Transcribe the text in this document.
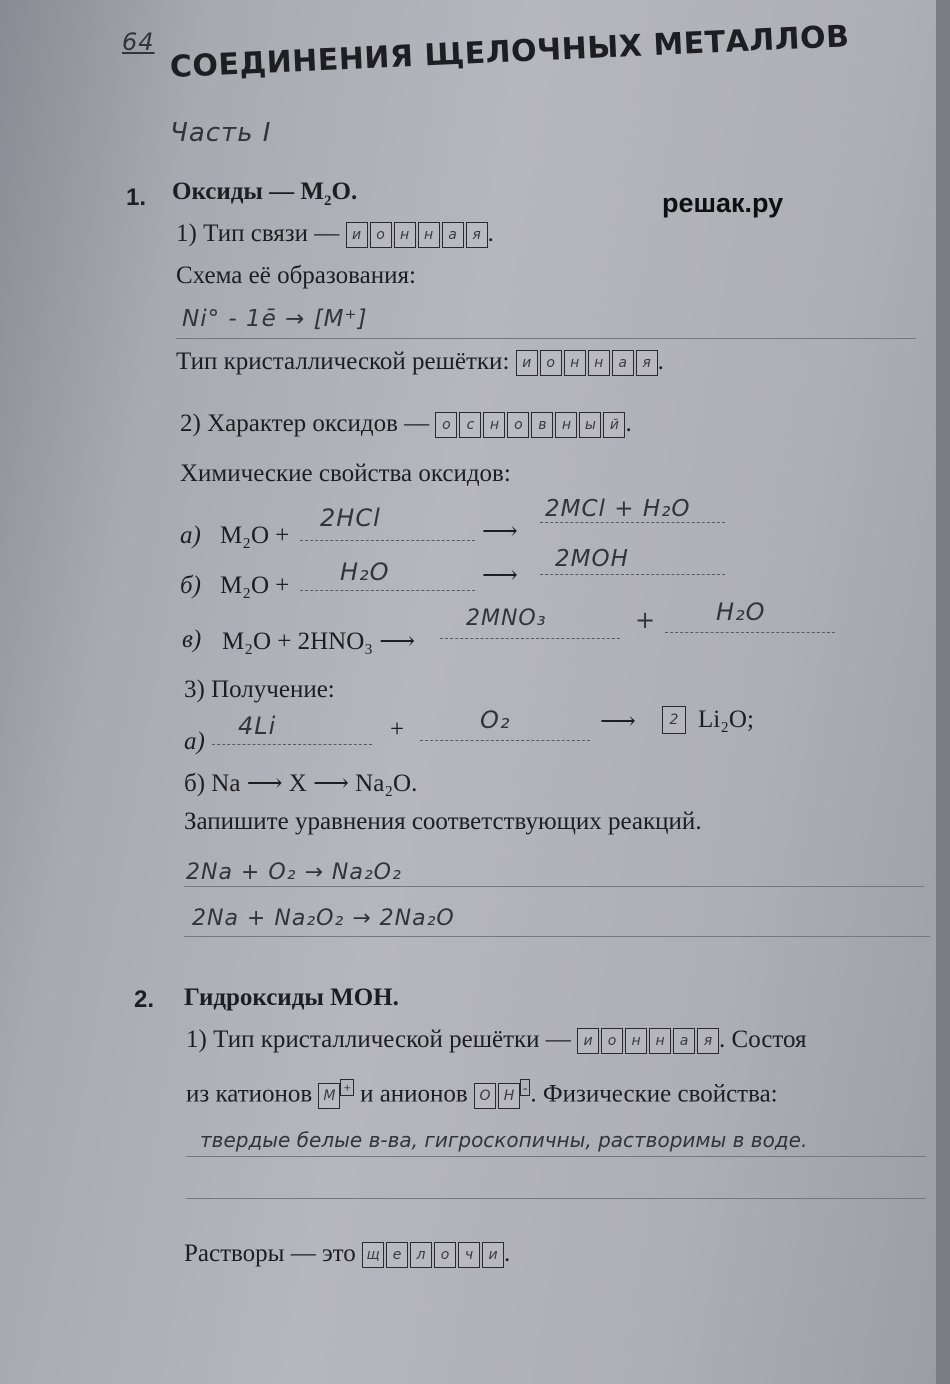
64 СОЕДИНЕНИЯ ЩЕЛОЧНЫХ МЕТАЛЛОВ
Часть I
решак.ру
1. Оксиды — $M_2O$.
1) Тип связи — и	о	н	н	а	я .
Схема её образования:
Ni° - 1ē → [M⁺]
Тип кристаллической решётки: и	о	н	н	а	я .
2) Характер оксидов — о	с	н	о	в	н ы й .
Химические свойства оксидов:
а) M₂O +
2HCl	⟶
2MCl + H₂O
б) M₂O + H₂O	⟶
2MOH
в) M₂O + 2HNO₃ ⟶
2MNO₃	+ H₂O
3) Получение:
а)
4Li	+	O₂	⟶	2 Li₂O;
б) Na ⟶ X ⟶ Na₂O.
Запишите уравнения соответствующих реакций.
2Na + O₂ → Na₂O₂
2Na + Na₂O₂ → 2Na₂O
2. Гидроксиды МОН.
1) Тип кристаллической решётки — и	о	н	н	а	я . Состоя
из катионов M
+ и анионов О Н
- . Физические свойства:
твердые белые в-ва, гигроскопичны, растворимы в воде.
Растворы — это щ е	л	о	ч	и .
